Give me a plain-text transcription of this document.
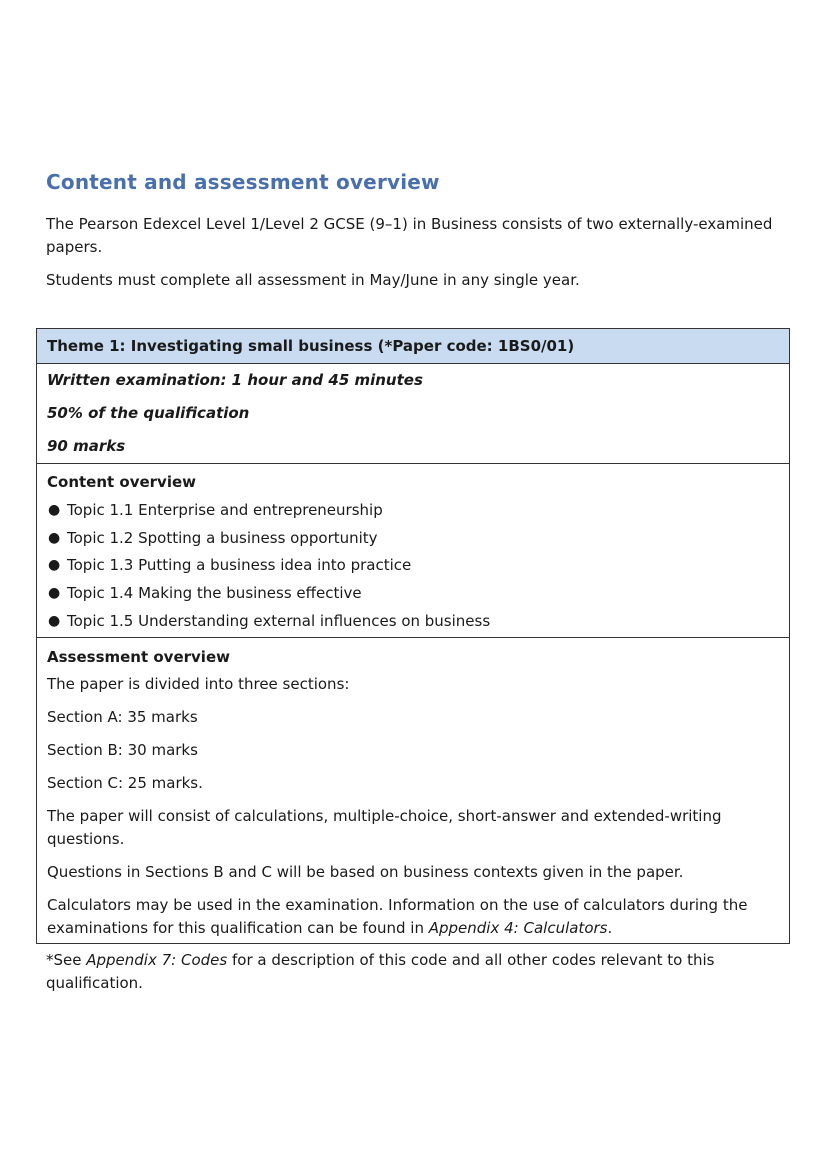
Content and assessment overview

The Pearson Edexcel Level 1/Level 2 GCSE (9–1) in Business consists of two externally-examined papers.

Students must complete all assessment in May/June in any single year.

Theme 1: Investigating small business (*Paper code: 1BS0/01)

Written examination: 1 hour and 45 minutes

50% of the qualification

90 marks

Content overview

● Topic 1.1 Enterprise and entrepreneurship
● Topic 1.2 Spotting a business opportunity
● Topic 1.3 Putting a business idea into practice
● Topic 1.4 Making the business effective
● Topic 1.5 Understanding external influences on business

Assessment overview

The paper is divided into three sections:

Section A: 35 marks

Section B: 30 marks

Section C: 25 marks.

The paper will consist of calculations, multiple-choice, short-answer and extended-writing questions.

Questions in Sections B and C will be based on business contexts given in the paper.

Calculators may be used in the examination. Information on the use of calculators during the examinations for this qualification can be found in Appendix 4: Calculators.

*See Appendix 7: Codes for a description of this code and all other codes relevant to this qualification.
